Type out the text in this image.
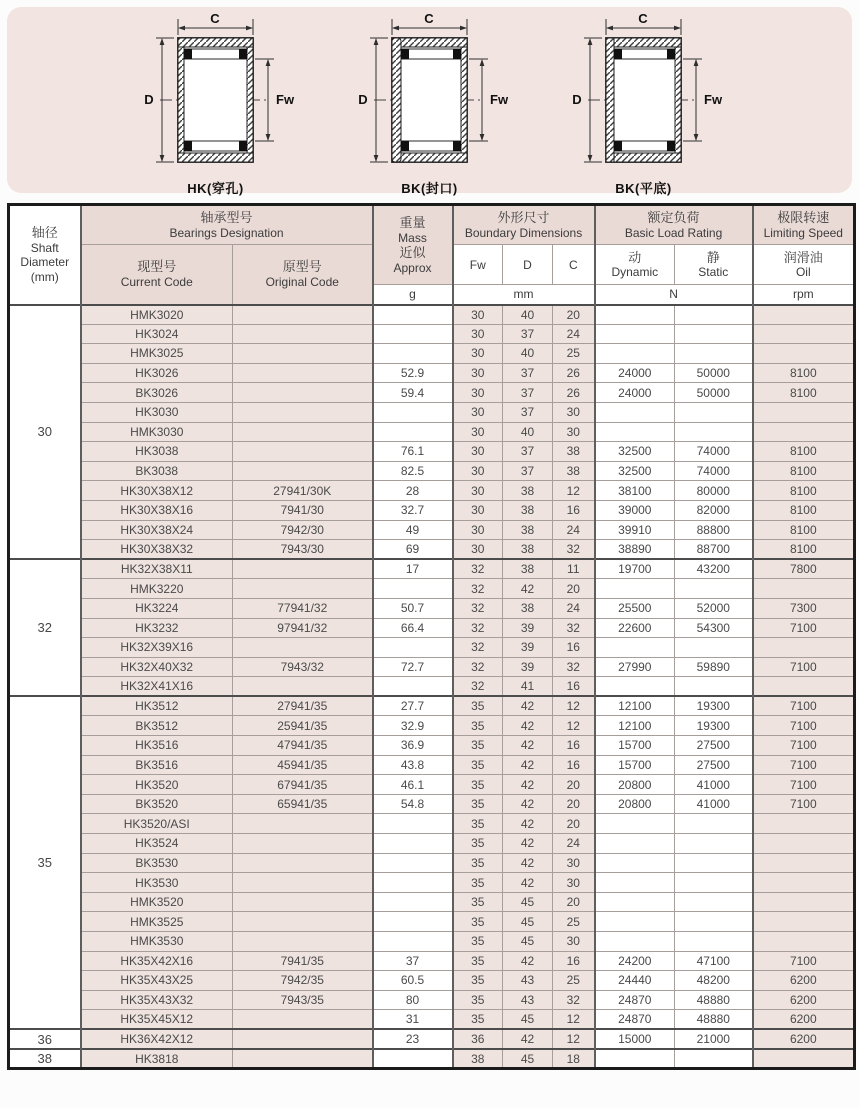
C
D	Fw
HK(穿孔)
C
D	Fw
BK(封口)
C
D	Fw
BK(平底)
轴径
Shaft
Diameter
(mm)	轴承型号
Bearings Designation		重量
Mass
近似
Approx	外形尺寸
Boundary Dimensions			额定负荷
Basic Load Rating		极限转速
Limiting Speed

	现型号
Current Code	原型号
Original Code		Fw	D	C	动
Dynamic	静
Static	润滑油
Oil

			g	mm			N		rpm
30	HMK3020			30	40	20			
	HK3024			30	37	24			
	HMK3025			30	40	25			
	HK3026		52.9	30	37	26	24000	50000	8100
	BK3026		59.4	30	37	26	24000	50000	8100
	HK3030			30	37	30			
	HMK3030			30	40	30			
	HK3038		76.1	30	37	38	32500	74000	8100
	BK3038		82.5	30	37	38	32500	74000	8100
	HK30X38X12	27941/30K	28	30	38	12	38100	80000	8100
	HK30X38X16	7941/30	32.7	30	38	16	39000	82000	8100
	HK30X38X24	7942/30	49	30	38	24	39910	88800	8100
	HK30X38X32	7943/30	69	30	38	32	38890	88700	8100
32	HK32X38X11		17	32	38	11	19700	43200	7800
	HMK3220			32	42	20			
	HK3224	77941/32	50.7	32	38	24	25500	52000	7300
	HK3232	97941/32	66.4	32	39	32	22600	54300	7100
	HK32X39X16			32	39	16			
	HK32X40X32	7943/32	72.7	32	39	32	27990	59890	7100
	HK32X41X16			32	41	16			
35	HK3512	27941/35	27.7	35	42	12	12100	19300	7100
	BK3512	25941/35	32.9	35	42	12	12100	19300	7100
	HK3516	47941/35	36.9	35	42	16	15700	27500	7100
	BK3516	45941/35	43.8	35	42	16	15700	27500	7100
	HK3520	67941/35	46.1	35	42	20	20800	41000	7100
	BK3520	65941/35	54.8	35	42	20	20800	41000	7100
	HK3520/ASI			35	42	20			
	HK3524			35	42	24			
	BK3530			35	42	30			
	HK3530			35	42	30			
	HMK3520			35	45	20			
	HMK3525			35	45	25			
	HMK3530			35	45	30			
	HK35X42X16	7941/35	37	35	42	16	24200	47100	7100
	HK35X43X25	7942/35	60.5	35	43	25	24440	48200	6200
	HK35X43X32	7943/35	80	35	43	32	24870	48880	6200
	HK35X45X12		31	35	45	12	24870	48880	6200
36	HK36X42X12		23	36	42	12	15000	21000	6200
38	HK3818			38	45	18			
